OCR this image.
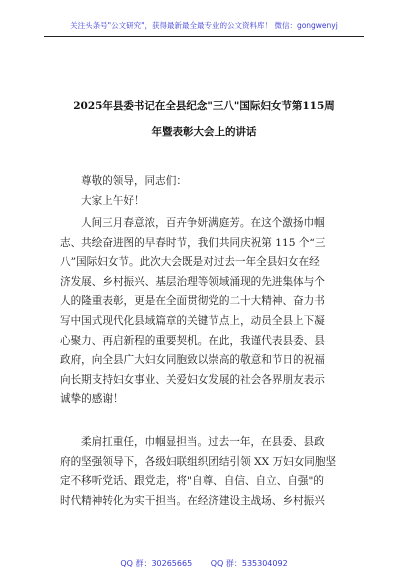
关注头条号"公文研究"，获得最新最全最专业的公文资料库！ 微信：gongwenyj
2025年县委书记在全县纪念"三八"国际妇女节第115周
年暨表彰大会上的讲话
尊敬的领导，同志们：
大家上午好！
人间三月春意浓，百卉争妍满庭芳。在这个激扬巾帼
志、共绘奋进图的早春时节，我们共同庆祝第 115 个“三
八”国际妇女节。此次大会既是对过去一年全县妇女在经
济发展、乡村振兴、基层治理等领域涌现的先进集体与个
人的隆重表彰，更是在全面贯彻党的二十大精神、奋力书
写中国式现代化县域篇章的关键节点上，动员全县上下凝
心聚力、再启新程的重要契机。在此，我谨代表县委、县
政府，向全县广大妇女同胞致以崇高的敬意和节日的祝福
向长期支持妇女事业、关爱妇女发展的社会各界朋友表示
诚挚的感谢！
柔肩扛重任，巾帼显担当。过去一年，在县委、县政
府的坚强领导下，各级妇联组织团结引领 XX 万妇女同胞坚
定不移听党话、跟党走，将"自尊、自信、自立、自强"的
时代精神转化为实干担当。在经济建设主战场、乡村振兴
QQ 群：30265665 QQ 群：535304092
